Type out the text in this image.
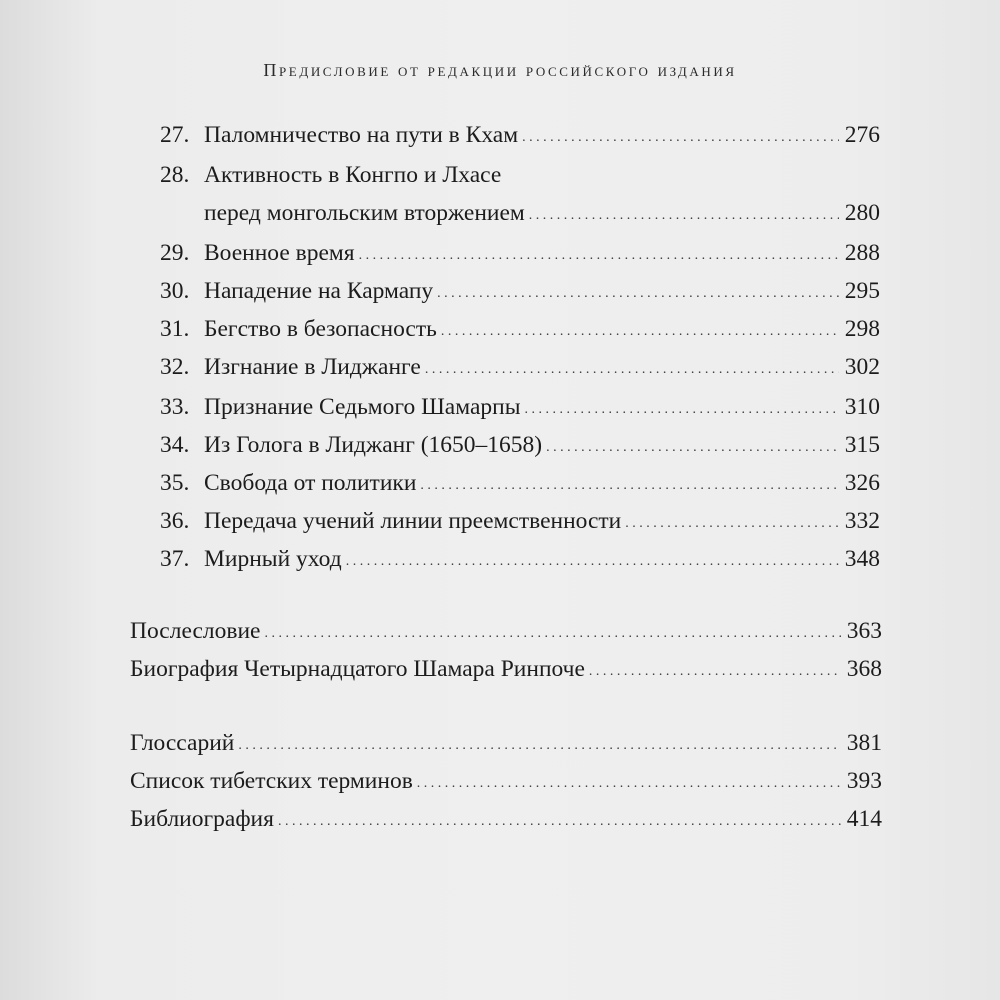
Предисловие от редакции российского издания
27. Паломничество на пути в Кхам . . .	276
28. Активность в Конгпо и Лхасе
перед монгольским вторжением . . .	280
29. Военное время . . .	288
30. Нападение на Кармапу . . .	295
31. Бегство в безопасность . . .	298
32. Изгнание в Лиджанге . . .	302
33. Признание Седьмого Шамарпы . . .	310
34. Из Голога в Лиджанг (1650–1658) . . .	315
35. Свобода от политики . . .	326
36. Передача учений линии преемственности . . .	332
37. Мирный уход . . .	348
Послесловие . . .	363
Биография Четырнадцатого Шамара Ринпоче . . .	368
Глоссарий . . .	381
Список тибетских терминов . . .	393
Библиография . . .	414
